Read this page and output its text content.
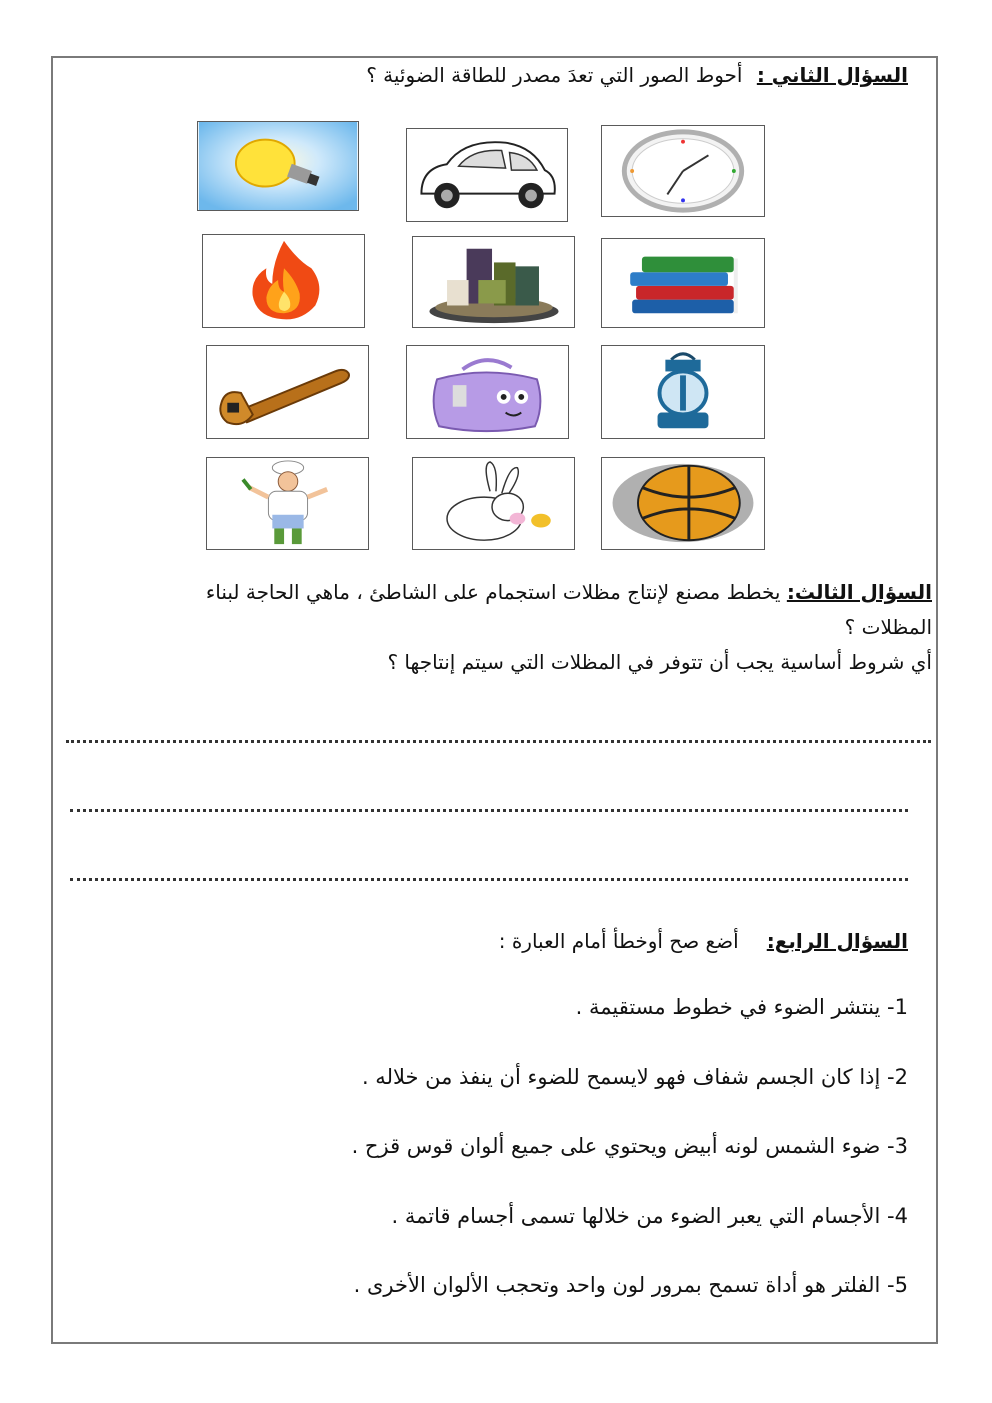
السؤال الثاني : أحوط الصور التي تعدَ مصدر للطاقة الضوئية ؟
السؤال الثالث: يخطط مصنع لإنتاج مظلات استجمام على الشاطئ ، ماهي الحاجة لبناء
المظلات ؟
أي شروط أساسية يجب أن تتوفر في المظلات التي سيتم إنتاجها ؟
السؤال الرابع:أضع صح أوخطأ أمام العبارة :
1- ينتشر الضوء في خطوط مستقيمة .
2- إذا كان الجسم شفاف فهو لايسمح للضوء أن ينفذ من خلاله .
3- ضوء الشمس لونه أبيض ويحتوي على جميع ألوان قوس قزح .
4- الأجسام التي يعبر الضوء من خلالها تسمى أجسام قاتمة .
5- الفلتر هو أداة تسمح بمرور لون واحد وتحجب الألوان الأخرى .
